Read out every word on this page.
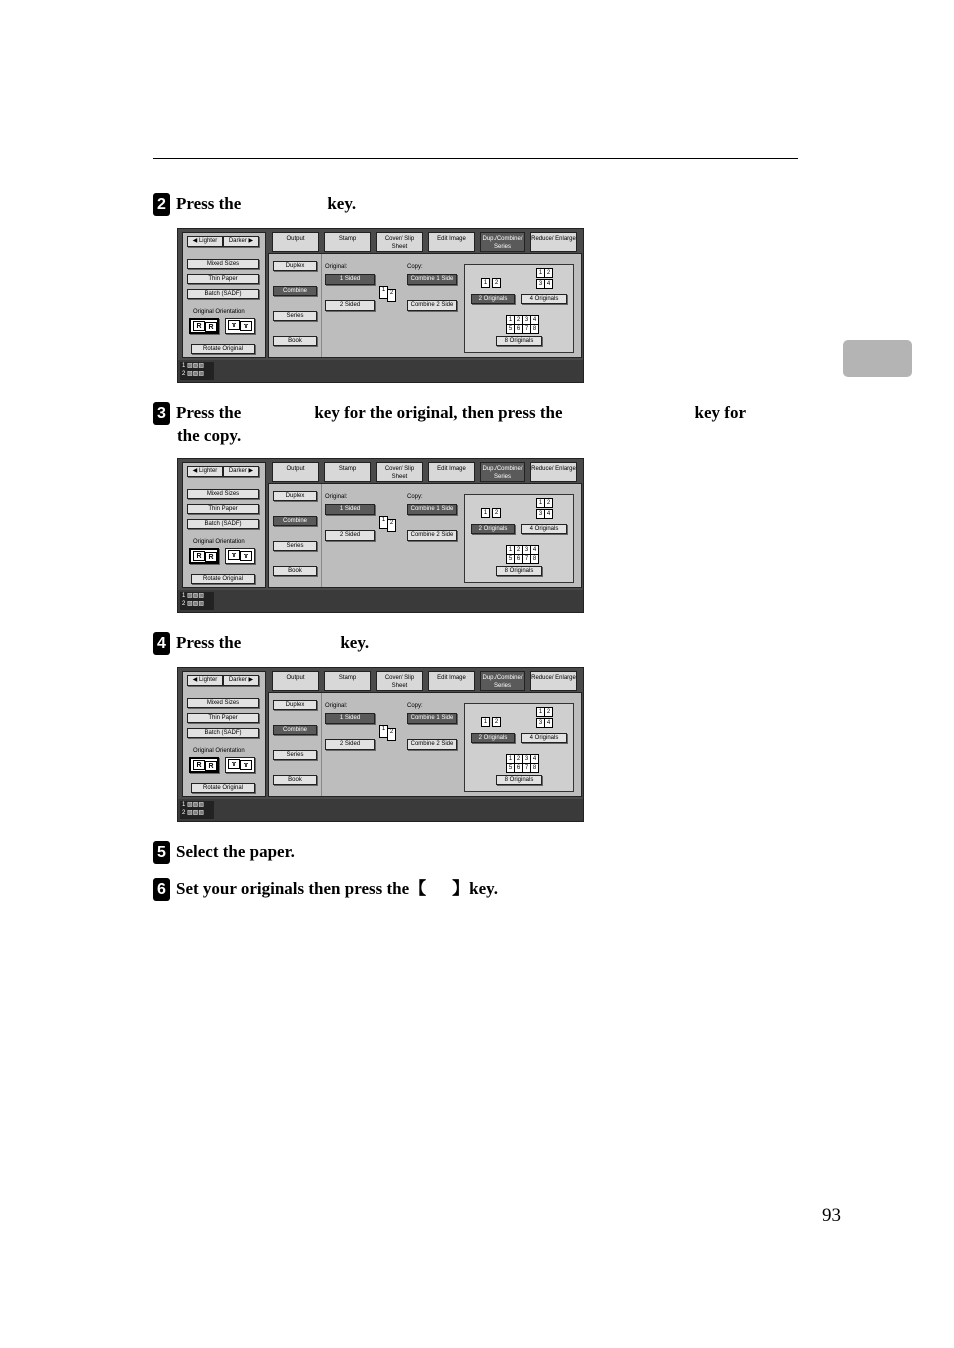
2 Press the	key.
3 Press the	key for the original, then press the	key for
the copy.
4 Press the	key.
5 Select the paper.
6 Set your originals then press the【 】key.
◀ Lighter	Darker ▶
Mixed Sizes
Thin Paper
Batch (SADF)
Original Orientation
R R	ɤ	ɤ
Rotate Original
Output	Stamp	Cover/ Slip Sheet
Edit Image	Dup./Combine/ Series
Reduce/ Enlarge
Duplex
Combine
Series
Book
Original:
1 Sided
2 Sided
1 2
Copy:
Combine 1 Side
Combine 2 Side
1	2
2 Originals
1 2
3 4
4 Originals
1 2 3 4
5 6 7 8
8 Originals
1 ▧▧▧
2 ▧▧▧
◀ Lighter	Darker ▶
Mixed Sizes
Thin Paper
Batch (SADF)
Original Orientation
R R	ɤ	ɤ
Rotate Original
Output	Stamp	Cover/ Slip Sheet
Edit Image	Dup./Combine/ Series
Reduce/ Enlarge
Duplex
Combine
Series
Book
Original:
1 Sided
2 Sided
1 2
Copy:
Combine 1 Side
Combine 2 Side
1	2
2 Originals
1 2
3 4
4 Originals
1 2 3 4
5 6 7 8
8 Originals
1 ▧▧▧
2 ▧▧▧
◀ Lighter	Darker ▶
Mixed Sizes
Thin Paper
Batch (SADF)
Original Orientation
R R	ɤ	ɤ
Rotate Original
Output	Stamp	Cover/ Slip Sheet
Edit Image	Dup./Combine/ Series
Reduce/ Enlarge
Duplex
Combine
Series
Book
Original:
1 Sided
2 Sided
1 2
Copy:
Combine 1 Side
Combine 2 Side
1	2
2 Originals
1 2
3 4
4 Originals
1 2 3 4
5 6 7 8
8 Originals
1 ▧▧▧
2 ▧▧▧
93
